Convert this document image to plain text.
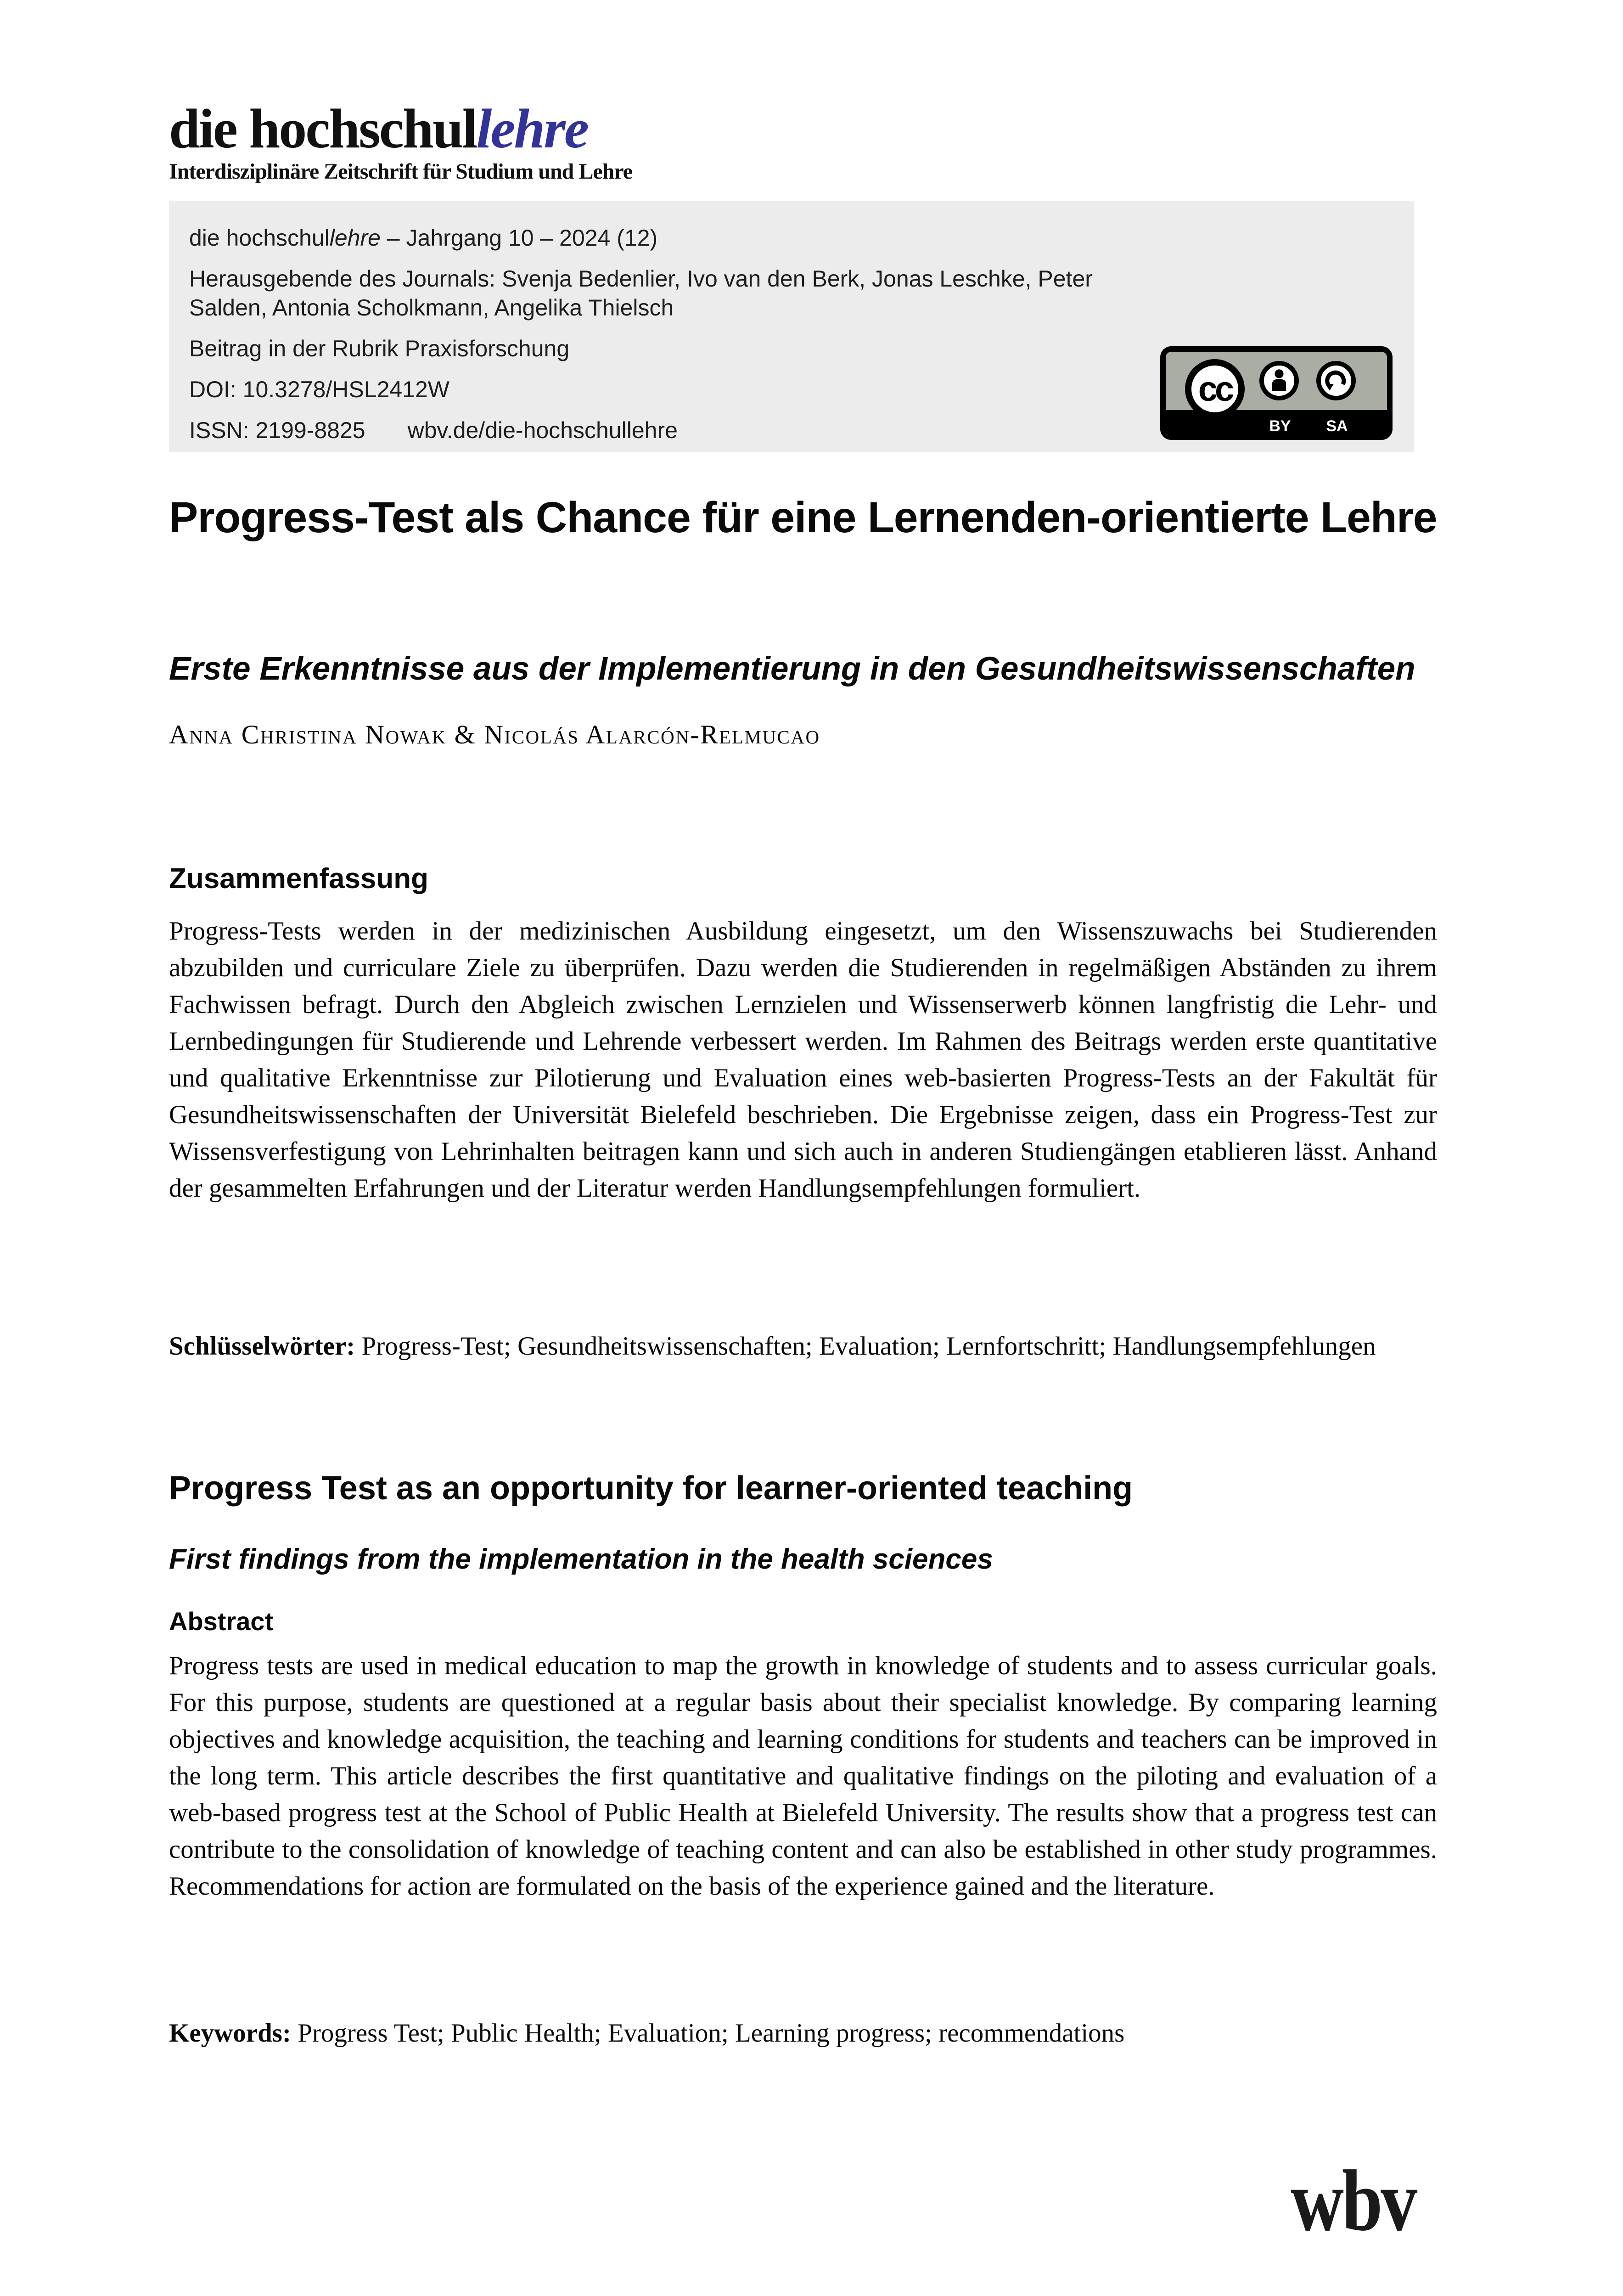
die hochschullehre
Interdisziplinäre Zeitschrift für Studium und Lehre

die hochschullehre – Jahrgang 10 – 2024 (12)

Herausgebende des Journals: Svenja Bedenlier, Ivo van den Berk, Jonas Leschke, Peter Salden, Antonia Scholkmann, Angelika Thielsch

Beitrag in der Rubrik Praxisforschung

DOI: 10.3278/HSL2412W

ISSN: 2199-8825 wbv.de/die-hochschullehre

cc
BY	SA
Progress-Test als Chance für eine Lernenden-orientierte Lehre
Erste Erkenntnisse aus der Implementierung in den Gesundheitswissenschaften
Anna Christina Nowak & Nicolás Alarcón-Relmucao
Zusammenfassung
Progress-Tests werden in der medizinischen Ausbildung eingesetzt, um den Wissenszuwachs bei Studierenden abzubilden und curriculare Ziele zu überprüfen. Dazu werden die Studierenden in regelmäßigen Abständen zu ihrem Fachwissen befragt. Durch den Abgleich zwischen Lernzielen und Wissenserwerb können langfristig die Lehr- und Lernbedingungen für Studierende und Lehrende verbessert werden. Im Rahmen des Beitrags werden erste quantitative und qualitative Erkenntnisse zur Pilotierung und Evaluation eines web-basierten Progress-Tests an der Fakultät für Gesundheitswissenschaften der Universität Bielefeld beschrieben. Die Ergebnisse zeigen, dass ein Progress-Test zur Wissensverfestigung von Lehrinhalten beitragen kann und sich auch in anderen Studiengängen etablieren lässt. Anhand der gesammelten Erfahrungen und der Literatur werden Handlungsempfehlungen formuliert.
Schlüsselwörter: Progress-Test; Gesundheitswissenschaften; Evaluation; Lernfortschritt; Handlungsempfehlungen
Progress Test as an opportunity for learner-oriented teaching
First findings from the implementation in the health sciences
Abstract
Progress tests are used in medical education to map the growth in knowledge of students and to assess curricular goals. For this purpose, students are questioned at a regular basis about their specialist knowledge. By comparing learning objectives and knowledge acquisition, the teaching and learning conditions for students and teachers can be improved in the long term. This article describes the first quantitative and qualitative findings on the piloting and evaluation of a web-based progress test at the School of Public Health at Bielefeld University. The results show that a progress test can contribute to the consolidation of knowledge of teaching content and can also be established in other study programmes. Recommendations for action are formulated on the basis of the experience gained and the literature.
Keywords: Progress Test; Public Health; Evaluation; Learning progress; recommendations
wbv
